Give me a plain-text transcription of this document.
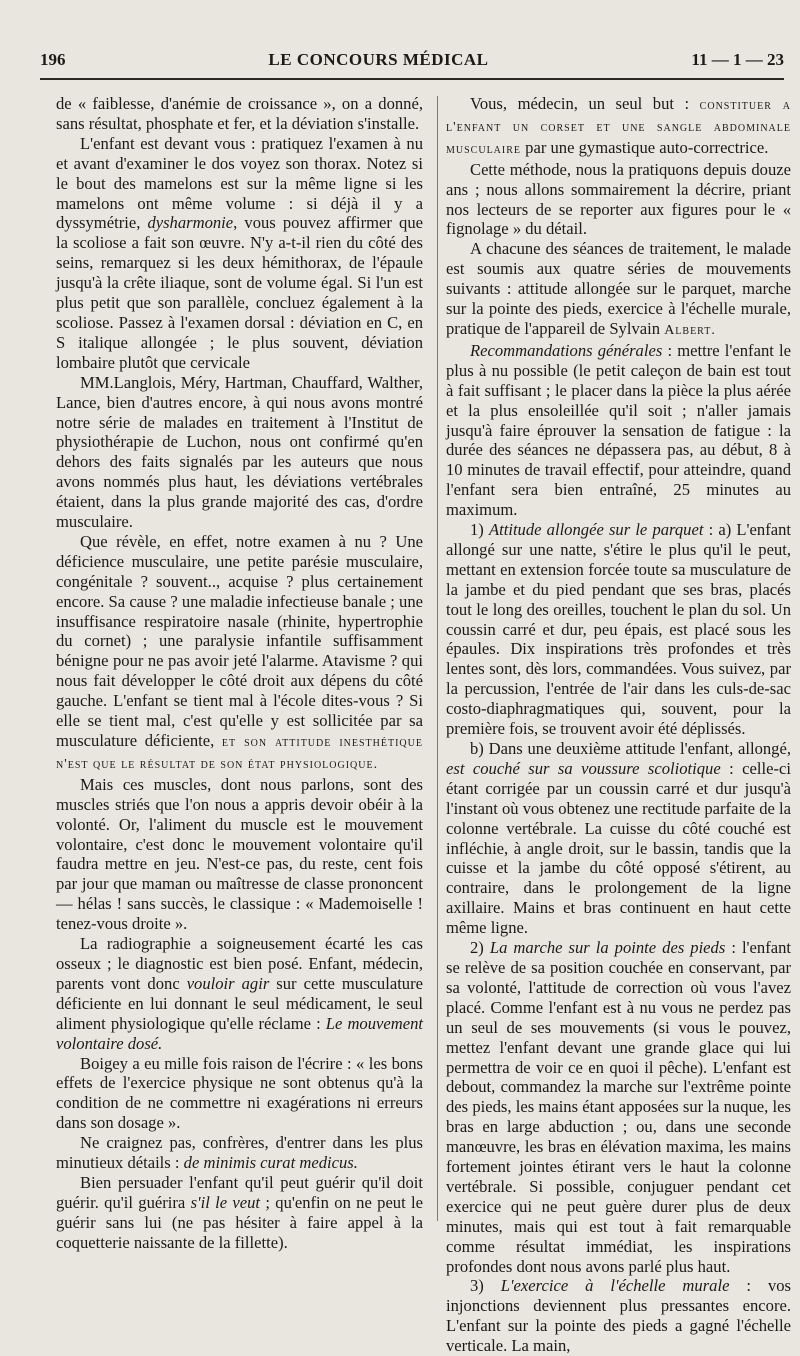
196	LE CONCOURS MÉDICAL	11 — 1 — 23

de « faiblesse, d'anémie de croissance », on a donné, sans résultat, phosphate et fer, et la déviation s'installe.

L'enfant est devant vous : pratiquez l'examen à nu et avant d'examiner le dos voyez son thorax. Notez si le bout des mamelons est sur la même ligne si les mamelons ont même volume : si déjà il y a dyssymétrie, dysharmonie, vous pouvez affirmer que la scoliose a fait son œuvre. N'y a-t-il rien du côté des seins, remarquez si les deux hémithorax, de l'épaule jusqu'à la crête iliaque, sont de volume égal. Si l'un est plus petit que son parallèle, concluez également à la scoliose. Passez à l'examen dorsal : déviation en C, en S italique allongée ; le plus souvent, déviation lombaire plutôt que cervicale

MM.Langlois, Méry, Hartman, Chauffard, Walther, Lance, bien d'autres encore, à qui nous avons montré notre série de malades en traitement à l'Institut de physiothérapie de Luchon, nous ont confirmé qu'en dehors des faits signalés par les auteurs que nous avons nommés plus haut, les déviations vertébrales étaient, dans la plus grande majorité des cas, d'ordre musculaire.

Que révèle, en effet, notre examen à nu ? Une déficience musculaire, une petite parésie musculaire, congénitale ? souvent.., acquise ? plus certainement encore. Sa cause ? une maladie infectieuse banale ; une insuffisance respiratoire nasale (rhinite, hypertrophie du cornet) ; une paralysie infantile suffisamment bénigne pour ne pas avoir jeté l'alarme. Atavisme ? qui nous fait développer le côté droit aux dépens du côté gauche. L'enfant se tient mal à l'école dites-vous ? Si elle se tient mal, c'est qu'elle y est sollicitée par sa musculature déficiente, et son attitude inesthétique n'est que le résultat de son état physiologique.

Mais ces muscles, dont nous parlons, sont des muscles striés que l'on nous a appris devoir obéir à la volonté. Or, l'aliment du muscle est le mouvement volontaire, c'est donc le mouvement volontaire qu'il faudra mettre en jeu. N'est-ce pas, du reste, cent fois par jour que maman ou maîtresse de classe prononcent — hélas ! sans succès, le classique : « Mademoiselle ! tenez-vous droite ».

La radiographie a soigneusement écarté les cas osseux ; le diagnostic est bien posé. Enfant, médecin, parents vont donc vouloir agir sur cette musculature déficiente en lui donnant le seul médicament, le seul aliment physiologique qu'elle réclame : Le mouvement volontaire dosé.

Boigey a eu mille fois raison de l'écrire : « les bons effets de l'exercice physique ne sont obtenus qu'à la condition de ne commettre ni exagérations ni erreurs dans son dosage ».

Ne craignez pas, confrères, d'entrer dans les plus minutieux détails : de minimis curat medicus.

Bien persuader l'enfant qu'il peut guérir qu'il doit guérir. qu'il guérira s'il le veut ; qu'enfin on ne peut le guérir sans lui (ne pas hésiter à faire appel à la coquetterie naissante de la fillette).

Vous, médecin, un seul but : constituer a l'enfant un corset et une sangle abdominale musculaire par une gymastique auto-correctrice.

Cette méthode, nous la pratiquons depuis douze ans ; nous allons sommairement la décrire, priant nos lecteurs de se reporter aux figures pour le « fignolage » du détail.

A chacune des séances de traitement, le malade est soumis aux quatre séries de mouvements suivants : attitude allongée sur le parquet, marche sur la pointe des pieds, exercice à l'échelle murale, pratique de l'appareil de Sylvain Albert.

Recommandations générales : mettre l'enfant le plus à nu possible (le petit caleçon de bain est tout à fait suffisant ; le placer dans la pièce la plus aérée et la plus ensoleillée qu'il soit ; n'aller jamais jusqu'à faire éprouver la sensation de fatigue : la durée des séances ne dépassera pas, au début, 8 à 10 minutes de travail effectif, pour atteindre, quand l'enfant sera bien entraîné, 25 minutes au maximum.

1) Attitude allongée sur le parquet : a) L'enfant allongé sur une natte, s'étire le plus qu'il le peut, mettant en extension forcée toute sa musculature de la jambe et du pied pendant que ses bras, placés tout le long des oreilles, touchent le plan du sol. Un coussin carré et dur, peu épais, est placé sous les épaules. Dix inspirations très profondes et très lentes sont, dès lors, commandées. Vous suivez, par la percussion, l'entrée de l'air dans les culs-de-sac costo-diaphragmatiques qui, souvent, pour la première fois, se trouvent avoir été déplissés.

b) Dans une deuxième attitude l'enfant, allongé, est couché sur sa voussure scoliotique : celle-ci étant corrigée par un coussin carré et dur jusqu'à l'instant où vous obtenez une rectitude parfaite de la colonne vertébrale. La cuisse du côté couché est infléchie, à angle droit, sur le bassin, tandis que la cuisse et la jambe du côté opposé s'étirent, au contraire, dans le prolongement de la ligne axillaire. Mains et bras continuent en haut cette même ligne.

2) La marche sur la pointe des pieds : l'enfant se relève de sa position couchée en conservant, par sa volonté, l'attitude de correction où vous l'avez placé. Comme l'enfant est à nu vous ne perdez pas un seul de ses mouvements (si vous le pouvez, mettez l'enfant devant une grande glace qui lui permettra de voir ce en quoi il pêche). L'enfant est debout, commandez la marche sur l'extrême pointe des pieds, les mains étant apposées sur la nuque, les bras en large abduction ; ou, dans une seconde manœuvre, les bras en élévation maxima, les mains fortement jointes étirant vers le haut la colonne vertébrale. Si possible, conjuguer pendant cet exercice qui ne peut guère durer plus de deux minutes, mais qui est tout à fait remarquable comme résultat immédiat, les inspirations profondes dont nous avons parlé plus haut.

3) L'exercice à l'échelle murale : vos injonctions deviennent plus pressantes encore. L'enfant sur la pointe des pieds a gagné l'échelle verticale. La main,
